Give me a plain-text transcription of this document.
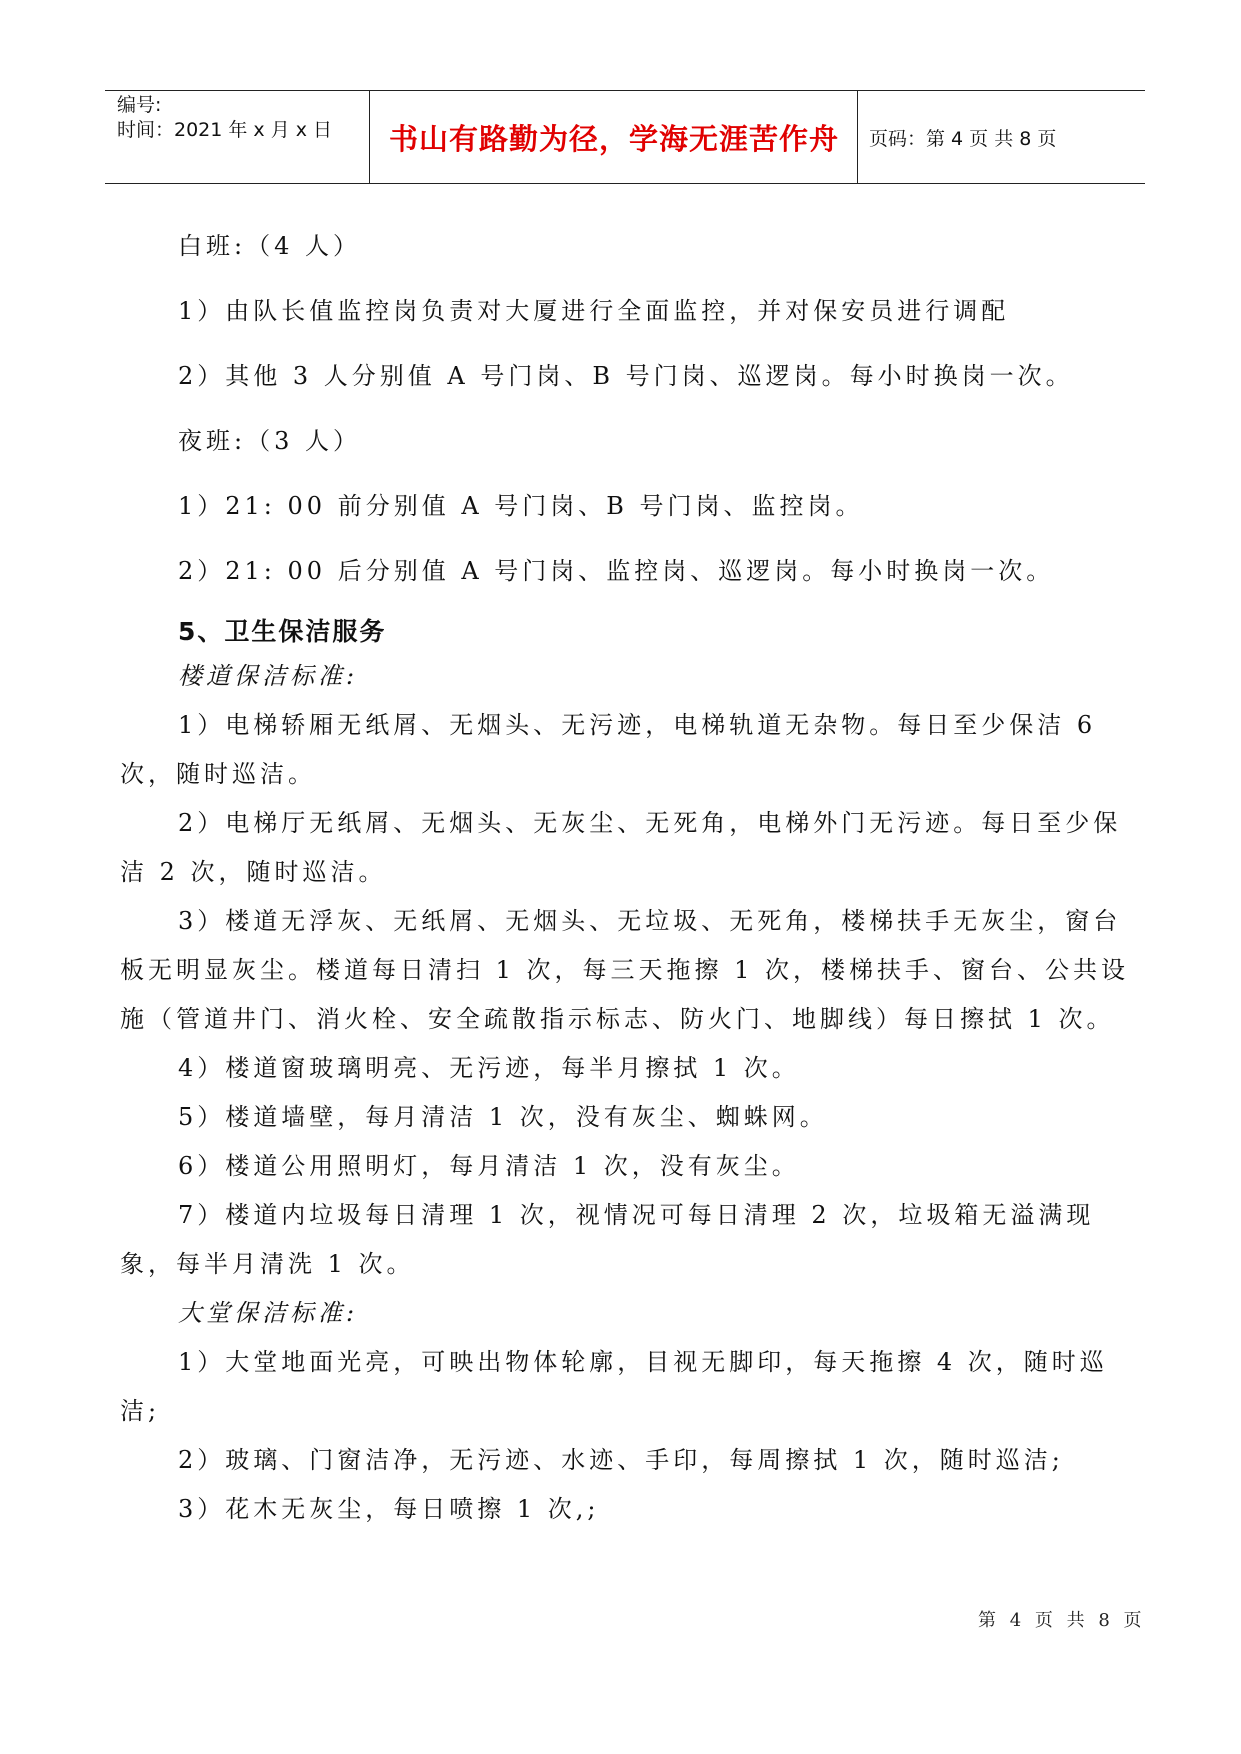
编号:
时间：2021 年 x 月 x 日	书山有路勤为径，学海无涯苦作舟	页码：第 4 页 共 8 页

白班:（4 人）

1）由队长值监控岗负责对大厦进行全面监控，并对保安员进行调配

2）其他 3 人分别值 A 号门岗、B 号门岗、巡逻岗。每小时换岗一次。

夜班:（3 人）

1）21: 00 前分别值 A 号门岗、B 号门岗、监控岗。

2）21: 00 后分别值 A 号门岗、监控岗、巡逻岗。每小时换岗一次。

5、卫生保洁服务

楼道保洁标准:

1）电梯轿厢无纸屑、无烟头、无污迹，电梯轨道无杂物。每日至少保洁 6 次，随时巡洁。

2）电梯厅无纸屑、无烟头、无灰尘、无死角，电梯外门无污迹。每日至少保洁 2 次，随时巡洁。

3）楼道无浮灰、无纸屑、无烟头、无垃圾、无死角，楼梯扶手无灰尘，窗台板无明显灰尘。楼道每日清扫 1 次，每三天拖擦 1 次，楼梯扶手、窗台、公共设施（管道井门、消火栓、安全疏散指示标志、防火门、地脚线）每日擦拭 1 次。

4）楼道窗玻璃明亮、无污迹，每半月擦拭 1 次。

5）楼道墙壁，每月清洁 1 次，没有灰尘、蜘蛛网。

6）楼道公用照明灯，每月清洁 1 次，没有灰尘。

7）楼道内垃圾每日清理 1 次，视情况可每日清理 2 次，垃圾箱无溢满现象，每半月清洗 1 次。

大堂保洁标准:

1）大堂地面光亮，可映出物体轮廓，目视无脚印，每天拖擦 4 次，随时巡洁;

2）玻璃、门窗洁净，无污迹、水迹、手印，每周擦拭 1 次，随时巡洁;

3）花木无灰尘，每日喷擦 1 次,;

第 4 页 共 8 页
